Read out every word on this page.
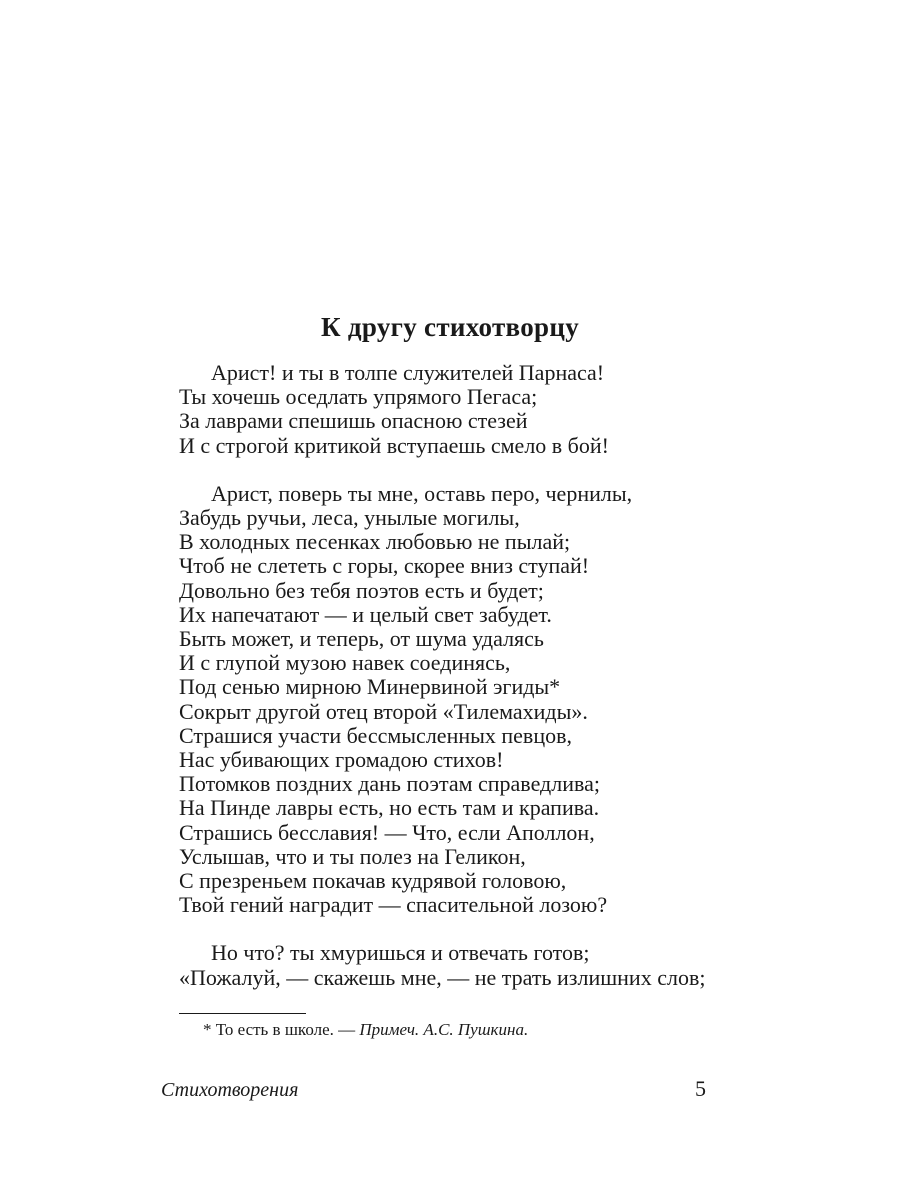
К другу стихотворцу
Арист! и ты в толпе служителей Парнаса!
Ты хочешь оседлать упрямого Пегаса;
За лаврами спешишь опасною стезей
И с строгой критикой вступаешь смело в бой!
Арист, поверь ты мне, оставь перо, чернилы,
Забудь ручьи, леса, унылые могилы,
В холодных песенках любовью не пылай;
Чтоб не слететь с горы, скорее вниз ступай!
Довольно без тебя поэтов есть и будет;
Их напечатают — и целый свет забудет.
Быть может, и теперь, от шума удалясь
И с глупой музою навек соединясь,
Под сенью мирною Минервиной эгиды*
Сокрыт другой отец второй «Тилемахиды».
Страшися участи бессмысленных певцов,
Нас убивающих громадою стихов!
Потомков поздних дань поэтам справедлива;
На Пинде лавры есть, но есть там и крапива.
Страшись бесславия! — Что, если Аполлон,
Услышав, что и ты полез на Геликон,
С презреньем покачав кудрявой головою,
Твой гений наградит — спасительной лозою?
Но что? ты хмуришься и отвечать готов;
«Пожалуй, — скажешь мне, — не трать излишних слов;
* То есть в школе. — Примеч. А.С. Пушкина.
Стихотворения	5
